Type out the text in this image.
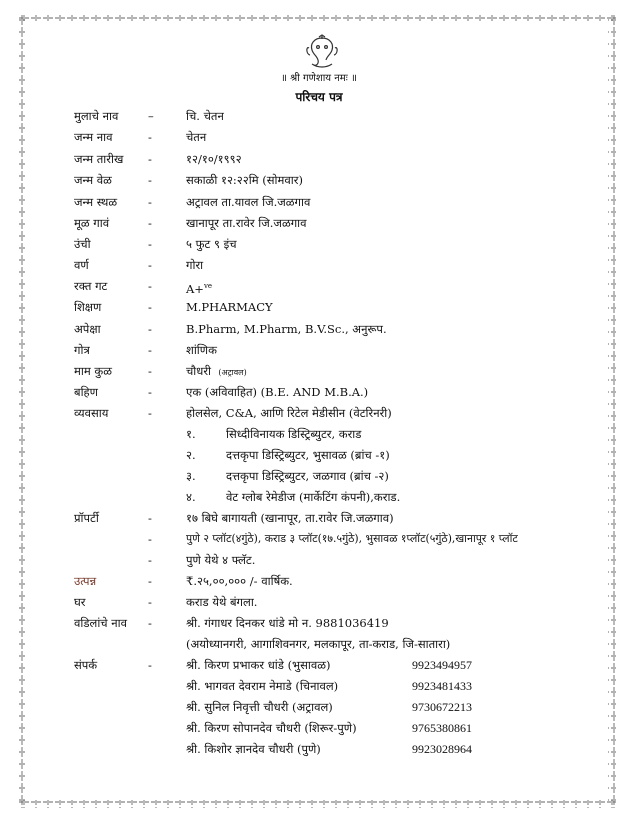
॥ श्री गणेशाय नमः ॥
परिचय पत्र
मुलाचे नाव	–	चि. चेतन
जन्म नाव	-	चेतन
जन्म तारीख -	१२/१०/१९९२
जन्म वेळ	-	सकाळी १२:२२मि (सोमवार)
जन्म स्थळ	-	अट्रावल ता.यावल जि.जळगाव
मूळ गावं	-	खानापूर ता.रावेर जि.जळगाव
उंची	-	५ फुट ९ इंच
वर्ण	-	गोरा
रक्त गट	-	A+$^{ve}$
शिक्षण	-	M.PHARMACY
अपेक्षा	-	B.Pharm, M.Pharm, B.V.Sc., अनुरूप.
गोत्र	-	शांणिक
माम कुळ	-	चौधरी (अट्रावल)
बहिण	-	एक (अविवाहित) (B.E. AND M.B.A.)
व्यवसाय	-	होलसेल, C&A, आणि रिटेल मेडीसीन (वेटरिनरी)
१.	सिध्दीविनायक डिस्ट्रिब्युटर, कराड
२.	दत्तकृपा डिस्ट्रिब्युटर, भुसावळ (ब्रांच -१)
३.	दत्तकृपा डिस्ट्रिब्युटर, जळगाव (ब्रांच -२)
४.	वेट ग्लोब रेमेडीज (मार्केटिंग कंपनी),कराड.
प्रॉपर्टी	-	१७ बिघे बागायती (खानापूर, ता.रावेर जि.जळगाव)
-	पुणे २ प्लॉट(४गुंठे), कराड ३ प्लॉट(१७.५गुंठे), भुसावळ १प्लॉट(५गुंठे),खानापूर १ प्लॉट
-	पुणे येथे ४ फ्लॅट.
उत्पन्न	-	₹.२५,००,००० /- वार्षिक.
घर	-	कराड येथे बंगला.
वडिलांचे नाव -	श्री. गंगाधर दिनकर धांडे मो न. 9881036419
(अयोध्यानगरी, आगाशिवनगर, मलकापूर, ता-कराड, जि-सातारा)
संपर्क	-	श्री. किरण प्रभाकर धांडे (भुसावळ)	9923494957
श्री. भागवत देवराम नेमाडे (चिनावल)	9923481433
श्री. सुनिल निवृत्ती चौधरी (अट्रावल)	9730672213
श्री. किरण सोपानदेव चौधरी (शिरूर-पुणे)	9765380861
श्री. किशोर ज्ञानदेव चौधरी (पुणे)	9923028964
